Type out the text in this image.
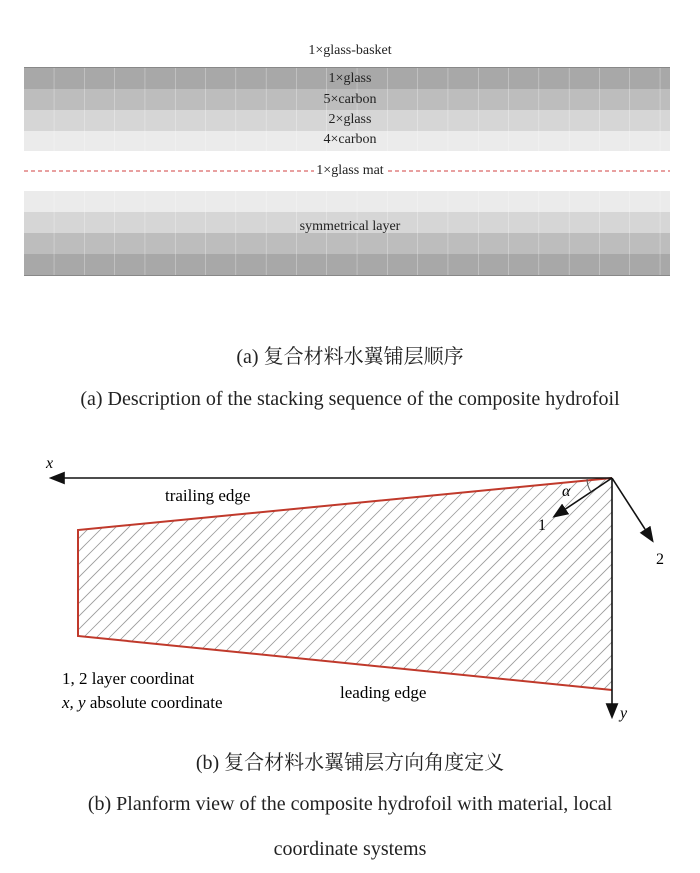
1×glass-basket
1×glass
5×carbon
2×glass
4×carbon
1×glass mat
symmetrical layer
(a) 复合材料水翼铺层顺序
(a) Description of the stacking sequence of the composite hydrofoil
x
y
1
2
α
trailing edge
leading edge
1, 2 layer coordinat
x, y absolute coordinate
(b) 复合材料水翼铺层方向角度定义
(b) Planform view of the composite hydrofoil with material, local
coordinate systems
